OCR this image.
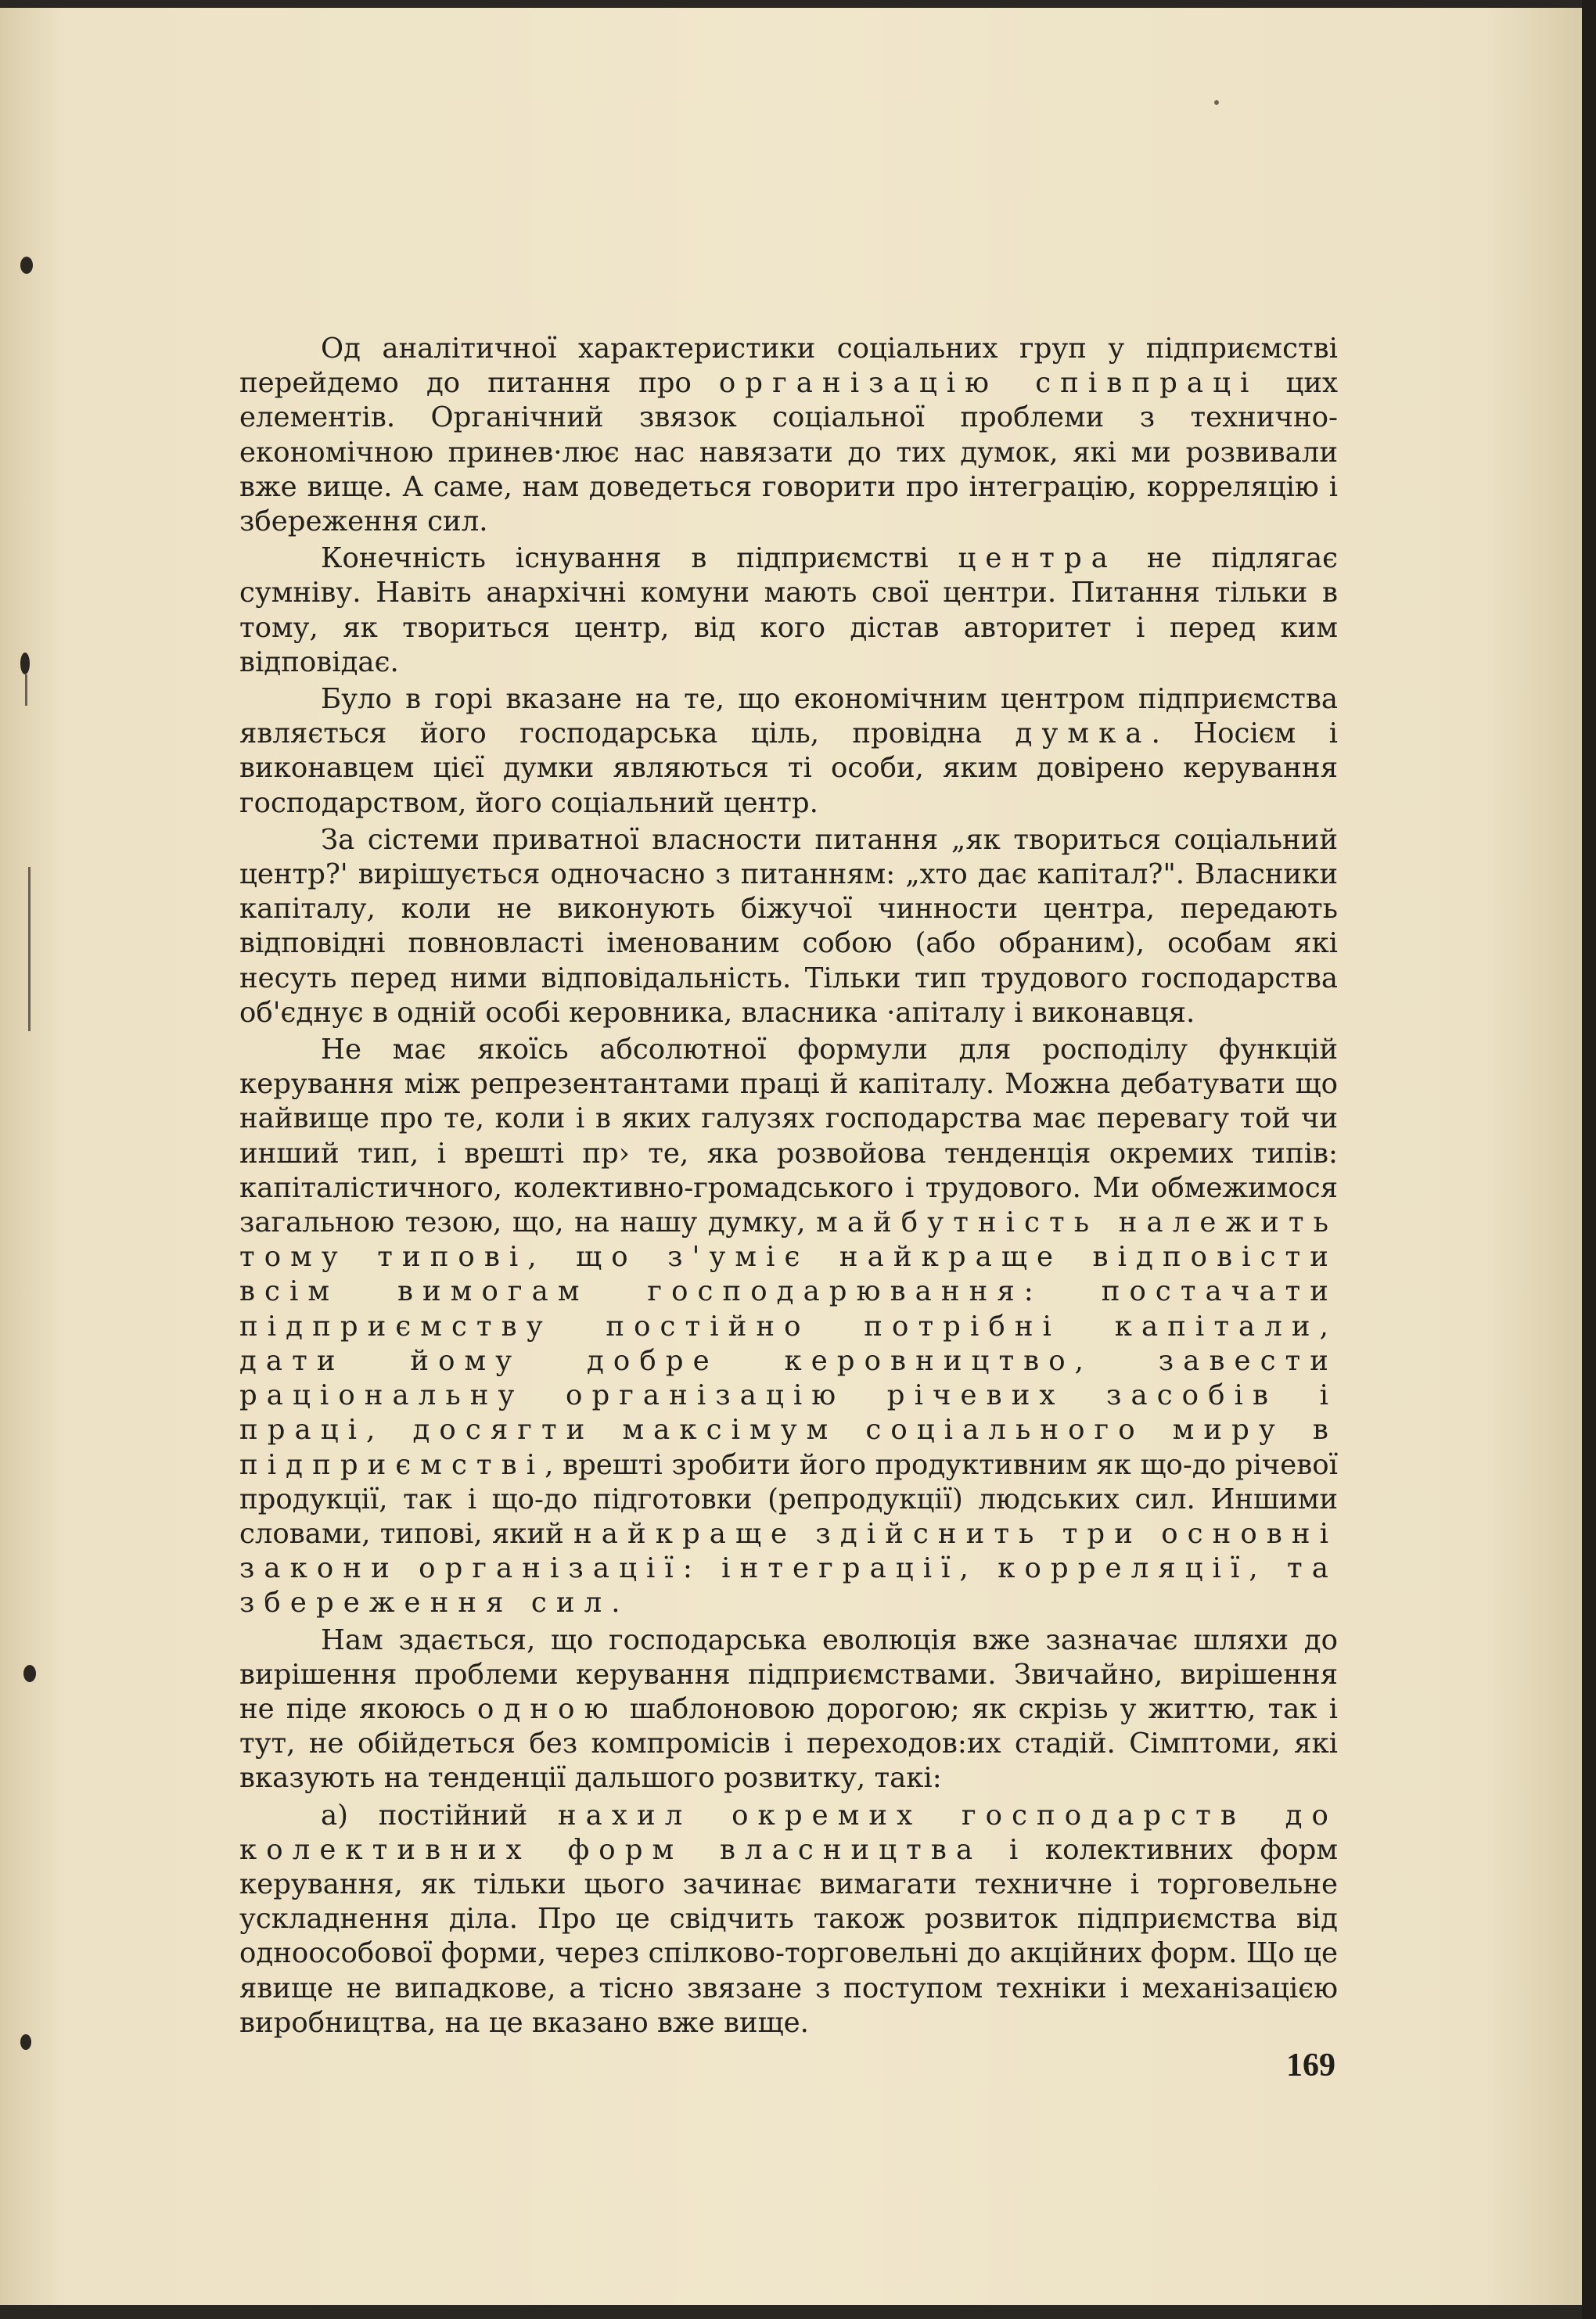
Од аналітичної характеристики соціальних груп у підприємстві перейдемо до питання про організацію співпраці цих елементів. Органічний звязок соціальної проблеми з технично-економічною принев·лює нас навязати до тих думок, які ми розвивали вже вище. А саме, нам доведеться говорити про інтеграцію, корреляцію і збереження сил.

Конечність існування в підприємстві центра не підлягає сумніву. Навіть анархічні комуни мають свої центри. Питання тільки в тому, як твориться центр, від кого дістав авторитет і перед ким відповідає.

Було в горі вказане на те, що економічним центром підприємства являється його господарська ціль, провідна думка. Носієм і виконавцем цієї думки являються ті особи, яким довірено керування господарством, його соціальний центр.

За сістеми приватної власности питання „як твориться соціальний центр?' вирішується одночасно з питанням: „хто дає капітал?". Власники капіталу, коли не виконують біжучої чинности центра, передають відповідні повновласті іменованим собою (або обраним), особам які несуть перед ними відповідальність. Тільки тип трудового господарства об'єднує в одній особі керовника, власника ·апіталу і виконавця.

Не має якоїсь абсолютної формули для росподілу функцій керування між репрезентантами праці й капіталу. Можна дебатувати що найвище про те, коли і в яких галузях господарства має перевагу той чи инший тип, і врешті пр› те, яка розвойова тенденція окремих типів: капіталістичного, колективно-громадського і трудового. Ми обмежимося загальною тезою, що, на нашу думку, майбутність належить тому типові, що з'уміє найкраще відповісти всім вимогам господарювання: постачати підприємству постійно потрібні капітали, дати йому добре керовництво, завести раціональну організацію річевих засобів і праці, досягти максімум соціального миру в підприємстві, врешті зробити його продуктивним як що-до річевої продукції, так і що-до підготовки (репродукції) людських сил. Иншими словами, типові, який найкраще здійснить три основні закони організації: інтеграції, корреляції, та збереження сил.

Нам здається, що господарська еволюція вже зазначає шляхи до вирішення проблеми керування підприємствами. Звичайно, вирішення не піде якоюсь одною шаблоновою дорогою; як скрізь у життю, так і тут, не обійдеться без компромісів і переходов:их стадій. Сімптоми, які вказують на тенденції дальшого розвитку, такі:

а) постійний нахил окремих господарств до колективних форм власництва і колективних форм керування, як тільки цього зачинає вимагати техничне і торговельне ускладнення діла. Про це свідчить також розвиток підприємства від одноособової форми, через спілково-торговельні до акційних форм. Що це явище не випадкове, а тісно звязане з поступом техніки і механізацією виробництва, на це вказано вже вище.

169
